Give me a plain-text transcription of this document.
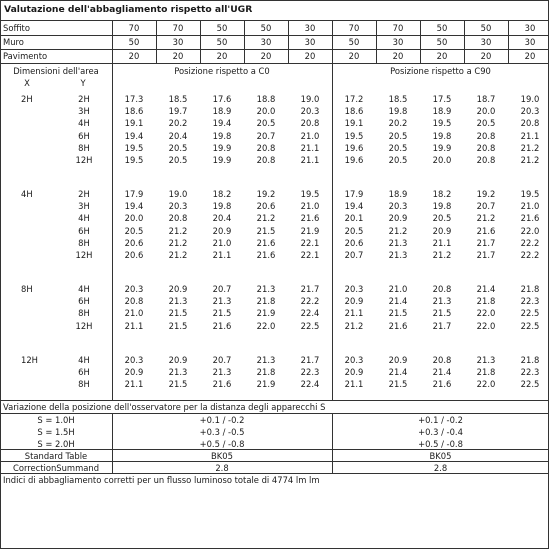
Valutazione dell'abbagliamento rispetto all'UGR
Soffito	70	70	50	50	30	70	70	50	50	30
Muro	50	30	50	30	30	50	30	50	30	30
Pavimento	20	20	20	20	20	20	20	20	20	20
Dimensioni dell'area
X	Y
Posizione rispetto a C0	Posizione rispetto a C90
2H	2H	17.3	18.5	17.6	18.8	19.0	17.2	18.5	17.5	18.7	19.0
3H	18.6	19.7	18.9	20.0	20.3	18.6	19.8	18.9	20.0	20.3
4H	19.1	20.2	19.4	20.5	20.8	19.1	20.2	19.5	20.5	20.8
6H	19.4	20.4	19.8	20.7	21.0	19.5	20.5	19.8	20.8	21.1
8H	19.5	20.5	19.9	20.8	21.1	19.6	20.5	19.9	20.8	21.2
12H	19.5	20.5	19.9	20.8	21.1	19.6	20.5	20.0	20.8	21.2
4H	2H	17.9	19.0	18.2	19.2	19.5	17.9	18.9	18.2	19.2	19.5
3H	19.4	20.3	19.8	20.6	21.0	19.4	20.3	19.8	20.7	21.0
4H	20.0	20.8	20.4	21.2	21.6	20.1	20.9	20.5	21.2	21.6
6H	20.5	21.2	20.9	21.5	21.9	20.5	21.2	20.9	21.6	22.0
8H	20.6	21.2	21.0	21.6	22.1	20.6	21.3	21.1	21.7	22.2
12H	20.6	21.2	21.1	21.6	22.1	20.7	21.3	21.2	21.7	22.2
8H	4H	20.3	20.9	20.7	21.3	21.7	20.3	21.0	20.8	21.4	21.8
6H	20.8	21.3	21.3	21.8	22.2	20.9	21.4	21.3	21.8	22.3
8H	21.0	21.5	21.5	21.9	22.4	21.1	21.5	21.5	22.0	22.5
12H	21.1	21.5	21.6	22.0	22.5	21.2	21.6	21.7	22.0	22.5
12H	4H	20.3	20.9	20.7	21.3	21.7	20.3	20.9	20.8	21.3	21.8
6H	20.9	21.3	21.3	21.8	22.3	20.9	21.4	21.4	21.8	22.3
8H	21.1	21.5	21.6	21.9	22.4	21.1	21.5	21.6	22.0	22.5
Variazione della posizione dell'osservatore per la distanza degli apparecchi S
S = 1.0H	+0.1 / -0.2	+0.1 / -0.2
S = 1.5H	+0.3 / -0.5	+0.3 / -0.4
S = 2.0H	+0.5 / -0.8	+0.5 / -0.8
Standard Table	BK05	BK05
CorrectionSummand	2.8	2.8
Indici di abbagliamento corretti per un flusso luminoso totale di 4774 lm lm
